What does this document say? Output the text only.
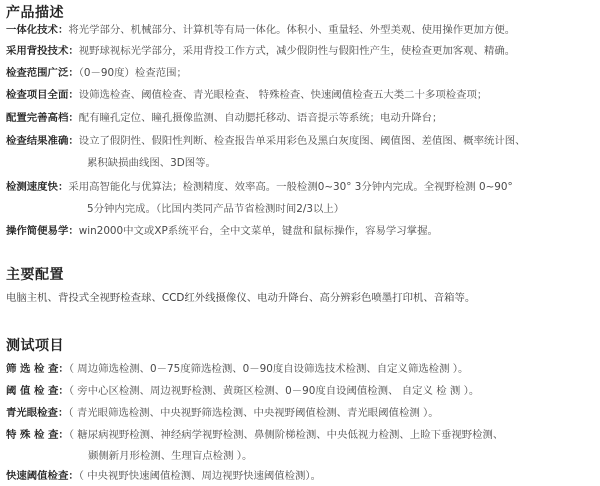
产品描述
一体化技术：将光学部分、机械部分、计算机等有局一体化。体积小、重量轻、外型美观、使用操作更加方便。
采用背投技术：视野球视标光学部分，采用背投工作方式，减少假阴性与假阳性产生，使检查更加客观、精确。
检查范围广泛：（0－90度）检查范围；
检查项目全面：设筛选检查、阈值检查、青光眼检查、 特殊检查、快速阈值检查五大类二十多项检查项；
配置完善高档：配有瞳孔定位、瞳孔摄像监测、自动腮托移动、语音提示等系统；电动升降台；
检查结果准确：设立了假阴性、假阳性判断、检查报告单采用彩色及黑白灰度图、阈值图、差值图、概率统计图、
累积缺损曲线图、3D图等。
检测速度快：采用高智能化与优算法；检测精度、效率高。一般检测0~30° 3分钟内完成。全视野检测 0~90°
5分钟内完成。（比国内类同产品节省检测时间2/3以上）
操作简便易学：win2000中文或XP系统平台，全中文菜单，键盘和鼠标操作，容易学习掌握。
主要配置
电脑主机、背投式全视野检查球、CCD红外线摄像仪、电动升降台、高分辨彩色喷墨打印机、音箱等。
测试项目
筛 选 检 查：（ 周边筛选检测、0－75度筛选检测、0－90度自设筛选技术检测、自定义筛选检测 ）。
阈 值 检 查：（ 旁中心区检测、周边视野检测、黄斑区检测、0－90度自设阈值检测、 自定义 检 测 ）。
青光眼检查：（ 青光眼筛选检测、中央视野筛选检测、中央视野阈值检测、青光眼阈值检测 ）。
特 殊 检 查：（ 糖尿病视野检测、神经病学视野检测、鼻侧阶梯检测、中央低视力检测、上睑下垂视野检测、
颞侧新月形检测、生理盲点检测 ）。
快速阈值检查：（ 中央视野快速阈值检测、周边视野快速阈值检测）。
